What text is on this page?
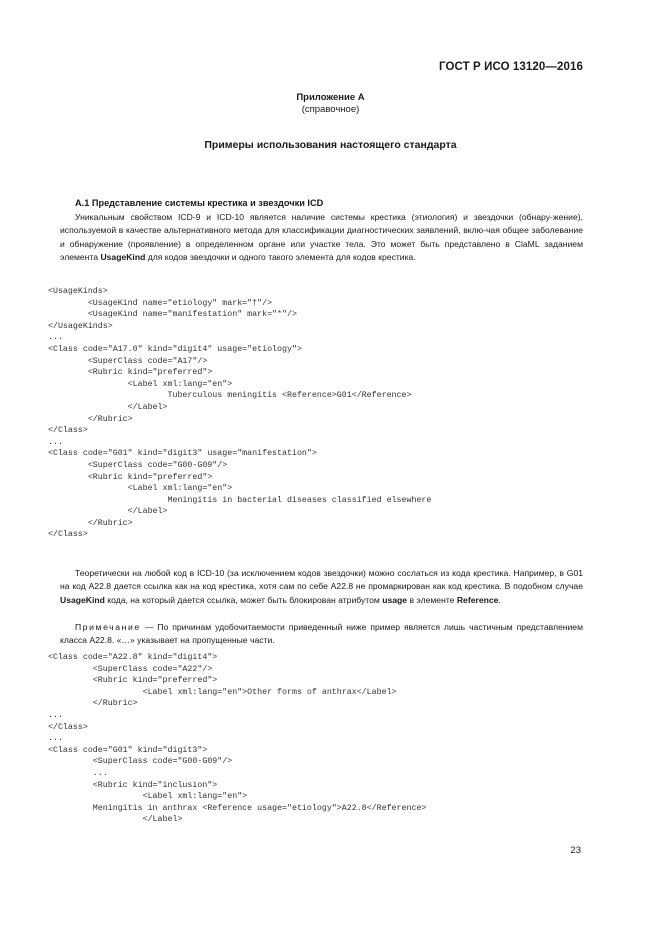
ГОСТ Р ИСО 13120—2016
Приложение А
(справочное)
Примеры использования настоящего стандарта
А.1 Представление системы крестика и звездочки ICD

Уникальным свойством ICD-9 и ICD-10 является наличие системы крестика (этиология) и звездочки (обнару-жение), используемой в качестве альтернативного метода для классификации диагностических заявлений, вклю-чая общее заболевание и обнаружение (проявление) в определенном органе или участке тела. Это может быть представлено в ClaML заданием элемента UsageKind для кодов звездочки и одного такого элемента для кодов крестика.

<UsageKinds>
<UsageKind name="etiology" mark="†"/>
<UsageKind name="manifestation" mark="*"/>
</UsageKinds>
...
<Class code="A17.0" kind="digit4" usage="etiology">
<SuperClass code="A17"/>
<Rubric kind="preferred">
<Label xml:lang="en">
Tuberculous meningitis <Reference>G01</Reference>
</Label>
</Rubric>
</Class>
...
<Class code="G01" kind="digit3" usage="manifestation">
<SuperClass code="G00-G09"/>
<Rubric kind="preferred">
<Label xml:lang="en">
Meningitis in bacterial diseases classified elsewhere
</Label>
</Rubric>
</Class>

Теоретически на любой код в ICD-10 (за исключением кодов звездочки) можно сослаться из кода крестика. Например, в G01 на код А22.8 дается ссылка как на код крестика, хотя сам по себе А22.8 не промаркирован как код крестика. В подобном случае UsageKind кода, на который дается ссылка, может быть блокирован атрибутом usage в элементе Reference.

Примечание — По причинам удобочитаемости приведенный ниже пример является лишь частичным представлением класса А22.8. «…» указывает на пропущенные части.

<Class code="A22.8" kind="digit4">
<SuperClass code="A22"/>
<Rubric kind="preferred">
<Label xml:lang="en">Other forms of anthrax</Label>
</Rubric>
...
</Class>
...
<Class code="G01" kind="digit3">
<SuperClass code="G00-G09"/>
...
<Rubric kind="inclusion">
<Label xml:lang="en">
Meningitis in anthrax <Reference usage="etiology">A22.8</Reference>
</Label>
23
